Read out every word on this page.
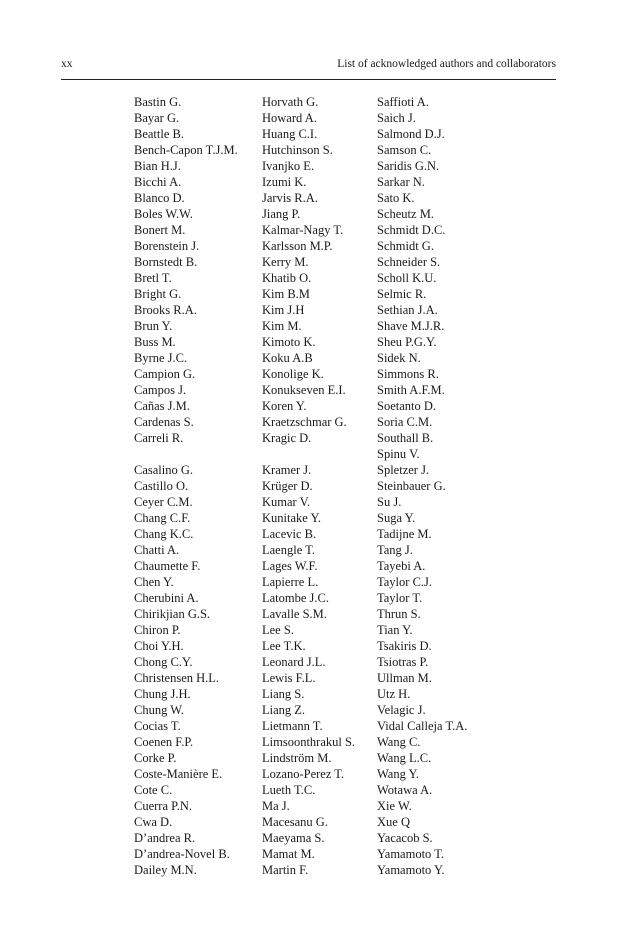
xx	List of acknowledged authors and collaborators
Bastin G.
Bayar G.
Beattle B.
Bench-Capon T.J.M.
Bian H.J.
Bicchi A.
Blanco D.
Boles W.W.
Bonert M.
Borenstein J.
Bornstedt B.
Bretl T.
Bright G.
Brooks R.A.
Brun Y.
Buss M.
Byrne J.C.
Campion G.
Campos J.
Cañas J.M.
Cardenas S.
Carreli R.
Casalino G.
Castillo O.
Ceyer C.M.
Chang C.F.
Chang K.C.
Chatti A.
Chaumette F.
Chen Y.
Cherubini A.
Chirikjian G.S.
Chiron P.
Choi Y.H.
Chong C.Y.
Christensen H.L.
Chung J.H.
Chung W.
Cocias T.
Coenen F.P.
Corke P.
Coste-Manière E.
Cote C.
Cuerra P.N.
Cwa D.
D’andrea R.
D’andrea-Novel B.
Dailey M.N.
Horvath G.
Howard A.
Huang C.I.
Hutchinson S.
Ivanjko E.
Izumi K.
Jarvis R.A.
Jiang P.
Kalmar-Nagy T.
Karlsson M.P.
Kerry M.
Khatib O.
Kim B.M
Kim J.H
Kim M.
Kimoto K.
Koku A.B
Konolige K.
Konukseven E.I.
Koren Y.
Kraetzschmar G.
Kragic D.
Kramer J.
Krüger D.
Kumar V.
Kunitake Y.
Lacevic B.
Laengle T.
Lages W.F.
Lapierre L.
Latombe J.C.
Lavalle S.M.
Lee S.
Lee T.K.
Leonard J.L.
Lewis F.L.
Liang S.
Liang Z.
Lietmann T.
Limsoonthrakul S.
Lindström M.
Lozano-Perez T.
Lueth T.C.
Ma J.
Macesanu G.
Maeyama S.
Mamat M.
Martin F.
Saffioti A.
Saich J.
Salmond D.J.
Samson C.
Saridis G.N.
Sarkar N.
Sato K.
Scheutz M.
Schmidt D.C.
Schmidt G.
Schneider S.
Scholl K.U.
Selmic R.
Sethian J.A.
Shave M.J.R.
Sheu P.G.Y.
Sidek N.
Simmons R.
Smith A.F.M.
Soetanto D.
Soria C.M.
Southall B.
Spinu V.
Spletzer J.
Steinbauer G.
Su J.
Suga Y.
Tadijne M.
Tang J.
Tayebi A.
Taylor C.J.
Taylor T.
Thrun S.
Tian Y.
Tsakiris D.
Tsiotras P.
Ullman M.
Utz H.
Velagic J.
Vidal Calleja T.A.
Wang C.
Wang L.C.
Wang Y.
Wotawa A.
Xie W.
Xue Q
Yacacob S.
Yamamoto T.
Yamamoto Y.
